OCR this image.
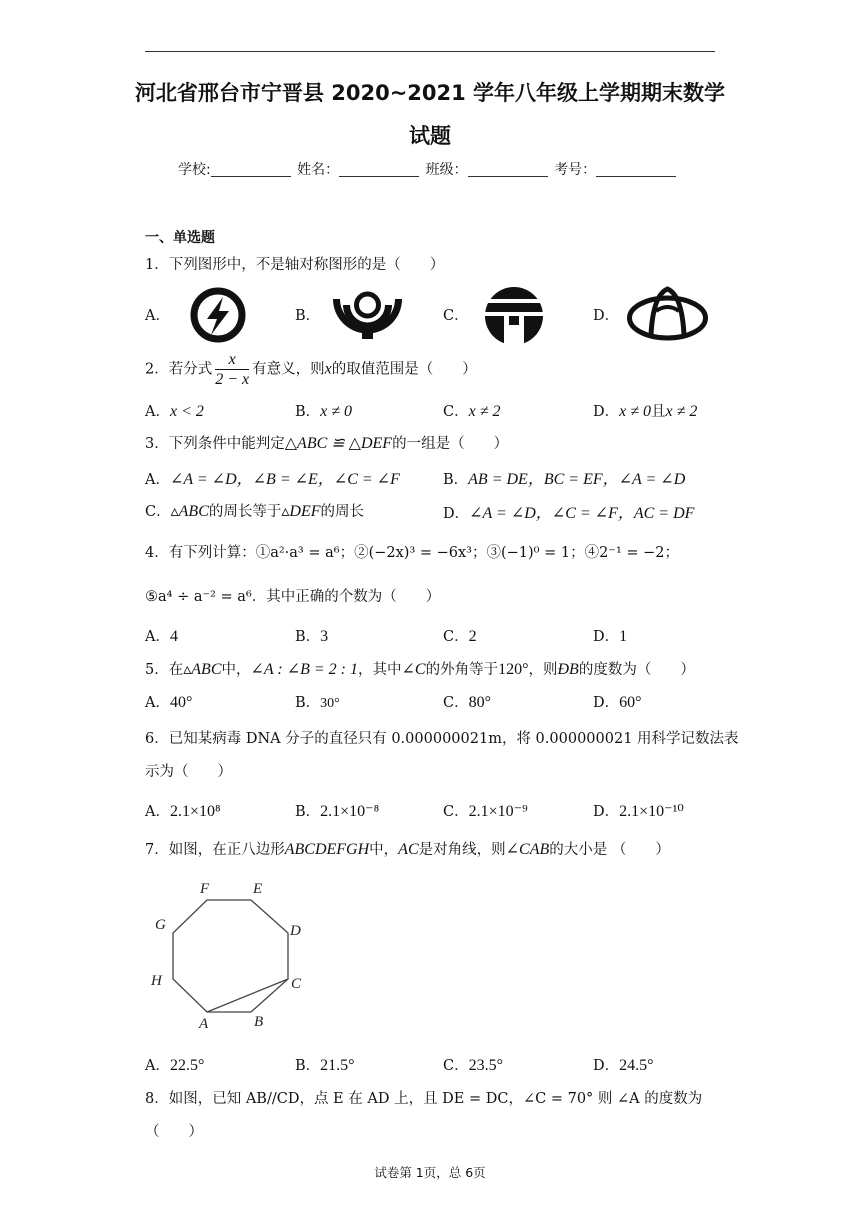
河北省邢台市宁晋县 2020~2021 学年八年级上学期期末数学
试题
学校:	姓名：	班级：	考号：
一、单选题
1．下列图形中，不是轴对称图形的是（　　）
A．	B．	C．	D．
2．若分式 $\frac{x}{2 - x}$ 有意义，则x的取值范围是（　　）
A．x < 2	B．x ≠ 0	C．x ≠ 2	D．x ≠ 0且x ≠ 2
3．下列条件中能判定△ABC ≌ △DEF的一组是（　　）
A．∠A = ∠D，∠B = ∠E，∠C = ∠F	B．AB = DE，BC = EF，∠A = ∠D
C．▵ABC的周长等于▵DEF的周长	D．∠A = ∠D，∠C = ∠F，AC = DF
4．有下列计算：①a²·a³ = a⁶；②(−2x)³ = −6x³；③(−1)⁰ = 1；④2⁻¹ = −2；
⑤a⁴ ÷ a⁻² = a⁶．其中正确的个数为（　　）
A．4	B．3	C．2	D．1
5．在▵ABC中，∠A : ∠B = 2 : 1，其中∠C的外角等于120°，则ÐB的度数为（　　）
A．40°	B．30°	C．80°	D．60°
6．已知某病毒 DNA 分子的直径只有 0.000000021m，将 0.000000021 用科学记数法表
示为（　　）
A．2.1×10⁸	B．2.1×10⁻⁸	C．2.1×10⁻⁹	D．2.1×10⁻¹⁰
7．如图，在正八边形ABCDEFGH中，AC是对角线，则∠CAB的大小是 （　　）
F	E
G	D
H	C
A	B
A．22.5°	B．21.5°	C．23.5°	D．24.5°
8．如图，已知 AB//CD，点 E 在 AD 上，且 DE = DC，∠C = 70° 则 ∠A 的度数为
（　　）
试卷第 1页，总 6页
